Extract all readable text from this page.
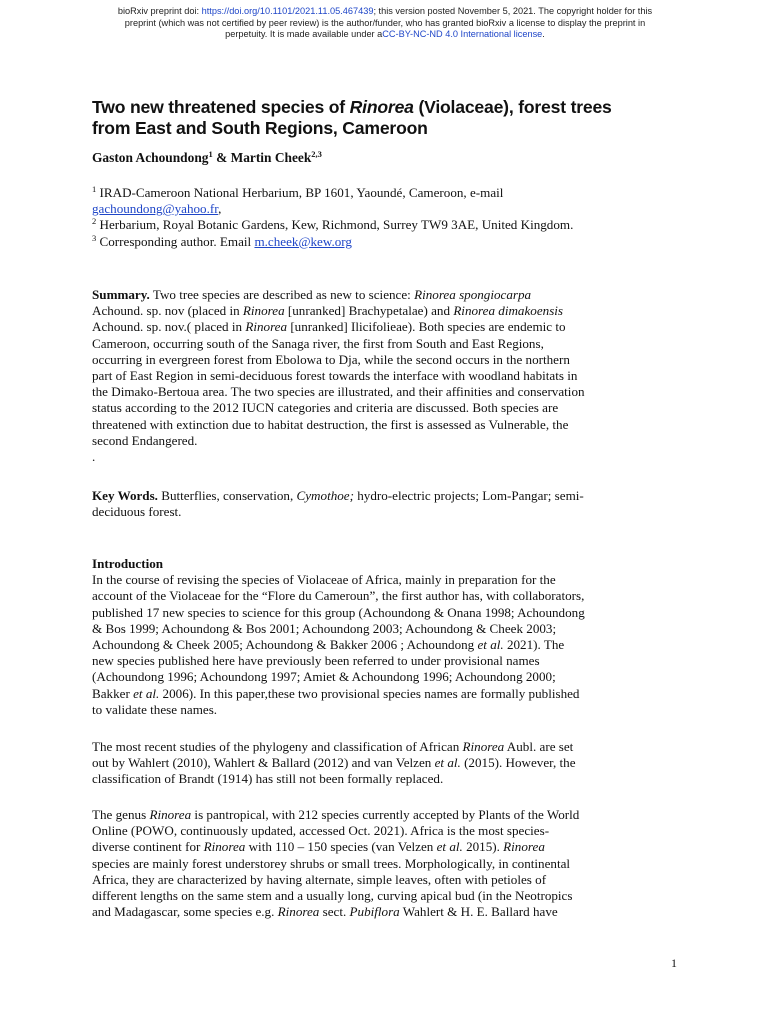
bioRxiv preprint doi: https://doi.org/10.1101/2021.11.05.467439; this version posted November 5, 2021. The copyright holder for this
preprint (which was not certified by peer review) is the author/funder, who has granted bioRxiv a license to display the preprint in
perpetuity. It is made available under aCC-BY-NC-ND 4.0 International license.
Two new threatened species of Rinorea (Violaceae), forest trees
from East and South Regions, Cameroon
Gaston Achoundong$^1$ & Martin Cheek$^{2,3}$
$^1$ IRAD-Cameroon National Herbarium, BP 1601, Yaoundé, Cameroon, e-mail
gachoundong@yahoo.fr,
$^2$ Herbarium, Royal Botanic Gardens, Kew, Richmond, Surrey TW9 3AE, United Kingdom.
$^3$ Corresponding author. Email m.cheek@kew.org
Summary. Two tree species are described as new to science: Rinorea spongiocarpa
Achound. sp. nov (placed in Rinorea [unranked] Brachypetalae) and Rinorea dimakoensis
Achound. sp. nov.( placed in Rinorea [unranked] Ilicifolieae). Both species are endemic to
Cameroon, occurring south of the Sanaga river, the first from South and East Regions,
occurring in evergreen forest from Ebolowa to Dja, while the second occurs in the northern
part of East Region in semi-deciduous forest towards the interface with woodland habitats in
the Dimako-Bertoua area. The two species are illustrated, and their affinities and conservation
status according to the 2012 IUCN categories and criteria are discussed. Both species are
threatened with extinction due to habitat destruction, the first is assessed as Vulnerable, the
second Endangered.
.
Key Words. Butterflies, conservation, Cymothoe; hydro-electric projects; Lom-Pangar; semi-
deciduous forest.
Introduction
In the course of revising the species of Violaceae of Africa, mainly in preparation for the
account of the Violaceae for the “Flore du Cameroun”, the first author has, with collaborators,
published 17 new species to science for this group (Achoundong & Onana 1998; Achoundong
& Bos 1999; Achoundong & Bos 2001; Achoundong 2003; Achoundong & Cheek 2003;
Achoundong & Cheek 2005; Achoundong & Bakker 2006 ; Achoundong et al. 2021). The
new species published here have previously been referred to under provisional names
(Achoundong 1996; Achoundong 1997; Amiet & Achoundong 1996; Achoundong 2000;
Bakker et al. 2006). In this paper,these two provisional species names are formally published
to validate these names.
The most recent studies of the phylogeny and classification of African Rinorea Aubl. are set
out by Wahlert (2010), Wahlert & Ballard (2012) and van Velzen et al. (2015). However, the
classification of Brandt (1914) has still not been formally replaced.
The genus Rinorea is pantropical, with 212 species currently accepted by Plants of the World
Online (POWO, continuously updated, accessed Oct. 2021). Africa is the most species-
diverse continent for Rinorea with 110 – 150 species (van Velzen et al. 2015). Rinorea
species are mainly forest understorey shrubs or small trees. Morphologically, in continental
Africa, they are characterized by having alternate, simple leaves, often with petioles of
different lengths on the same stem and a usually long, curving apical bud (in the Neotropics
and Madagascar, some species e.g. Rinorea sect. Pubiflora Wahlert & H. E. Ballard have
1
